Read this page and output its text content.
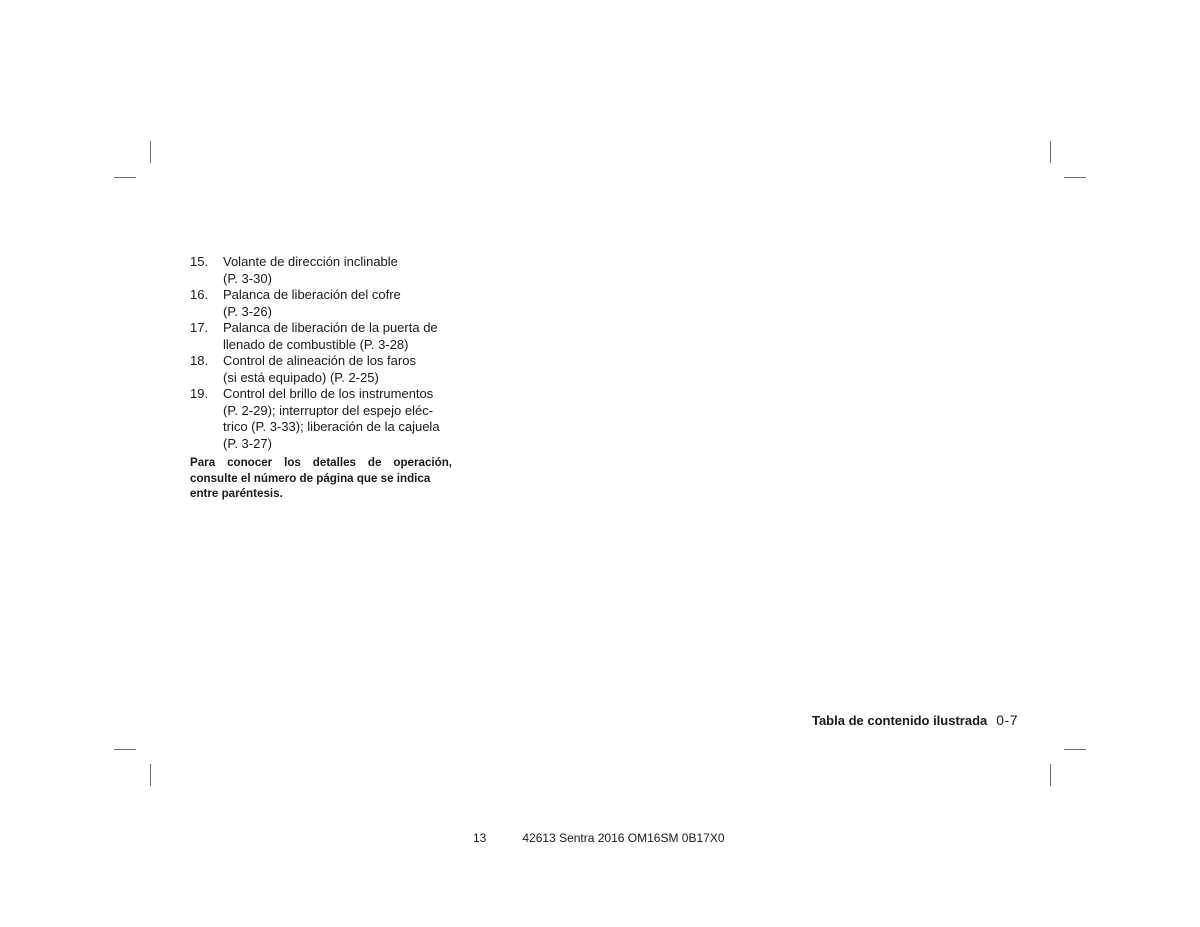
15.	Volante de dirección inclinable
(P. 3-30)
16.	Palanca de liberación del cofre
(P. 3-26)
17.	Palanca de liberación de la puerta de
llenado de combustible (P. 3-28)
18.	Control de alineación de los faros
(si está equipado) (P. 2-25)
19.	Control del brillo de los instrumentos
(P. 2-29); interruptor del espejo eléc-
trico (P. 3-33); liberación de la cajuela
(P. 3-27)

Para conocer los detalles de operación,
consulte el número de página que se indica
entre paréntesis.

Tabla de contenido ilustrada 0-7
13	42613 Sentra 2016 OM16SM 0B17X0
